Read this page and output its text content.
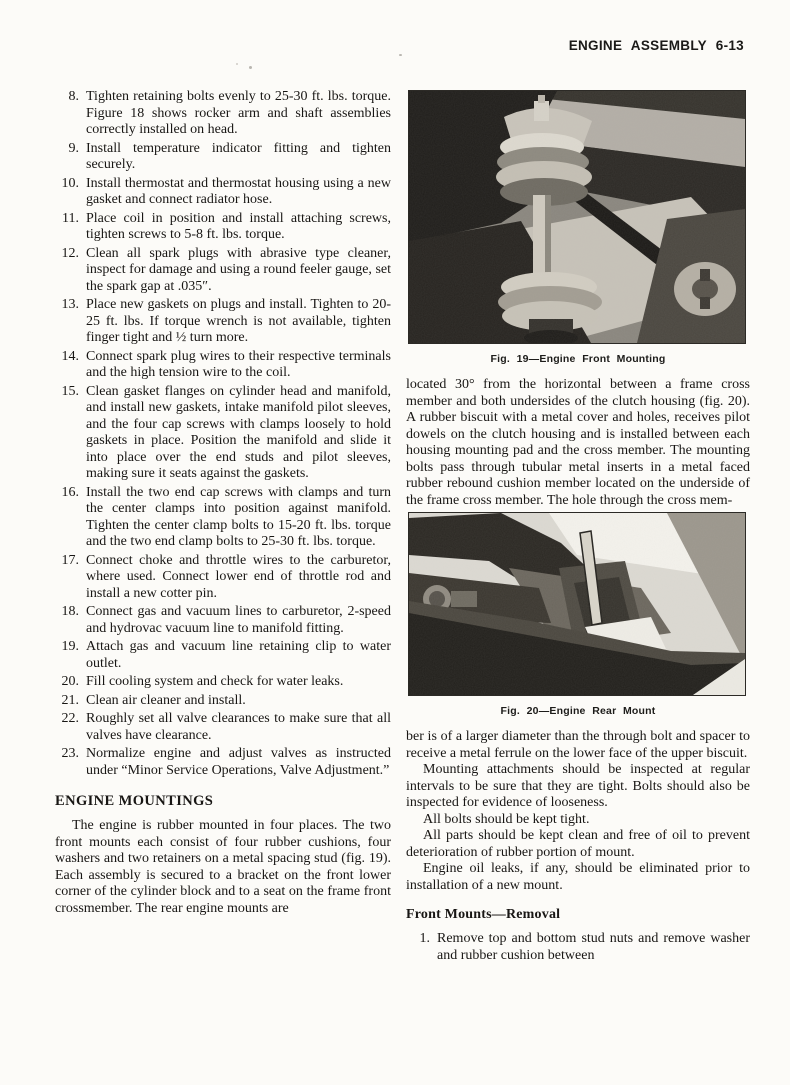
ENGINE ASSEMBLY 6-13
8. Tighten retaining bolts evenly to 25-30 ft. lbs. torque. Figure 18 shows rocker arm and shaft assemblies correctly installed on head.
9. Install temperature indicator fitting and tighten securely.
10. Install thermostat and thermostat housing using a new gasket and connect radiator hose.
11. Place coil in position and install attaching screws, tighten screws to 5-8 ft. lbs. torque.
12. Clean all spark plugs with abrasive type cleaner, inspect for damage and using a round feeler gauge, set the spark gap at .035″.
13. Place new gaskets on plugs and install. Tighten to 20-25 ft. lbs. If torque wrench is not available, tighten finger tight and ½ turn more.
14. Connect spark plug wires to their respective terminals and the high tension wire to the coil.
15. Clean gasket flanges on cylinder head and manifold, and install new gaskets, intake manifold pilot sleeves, and the four cap screws with clamps loosely to hold gaskets in place. Position the manifold and slide it into place over the end studs and pilot sleeves, making sure it seats against the gaskets.
16. Install the two end cap screws with clamps and turn the center clamps into position against manifold. Tighten the center clamp bolts to 15-20 ft. lbs. torque and the two end clamp bolts to 25-30 ft. lbs. torque.
17. Connect choke and throttle wires to the carburetor, where used. Connect lower end of throttle rod and install a new cotter pin.
18. Connect gas and vacuum lines to carburetor, 2-speed and hydrovac vacuum line to manifold fitting.
19. Attach gas and vacuum line retaining clip to water outlet.
20. Fill cooling system and check for water leaks.
21. Clean air cleaner and install.
22. Roughly set all valve clearances to make sure that all valves have clearance.
23. Normalize engine and adjust valves as instructed under “Minor Service Operations, Valve Adjustment.”
ENGINE MOUNTINGS

The engine is rubber mounted in four places. The two front mounts each consist of four rubber cushions, four washers and two retainers on a metal spacing stud (fig. 19). Each assembly is secured to a bracket on the front lower corner of the cylinder block and to a seat on the frame front crossmember. The rear engine mounts are

Fig. 19—Engine Front Mounting

located 30° from the horizontal between a frame cross member and both undersides of the clutch housing (fig. 20). A rubber biscuit with a metal cover and holes, receives pilot dowels on the clutch housing and is installed between each housing mounting pad and the cross member. The mounting bolts pass through tubular metal inserts in a metal faced rubber rebound cushion member located on the underside of the frame cross member. The hole through the cross mem-

Fig. 20—Engine Rear Mount

ber is of a larger diameter than the through bolt and spacer to receive a metal ferrule on the lower face of the upper biscuit.

Mounting attachments should be inspected at regular intervals to be sure that they are tight. Bolts should also be inspected for evidence of looseness.

All bolts should be kept tight.

All parts should be kept clean and free of oil to prevent deterioration of rubber portion of mount.

Engine oil leaks, if any, should be eliminated prior to installation of a new mount.

Front Mounts—Removal
1. Remove top and bottom stud nuts and remove washer and rubber cushion between
